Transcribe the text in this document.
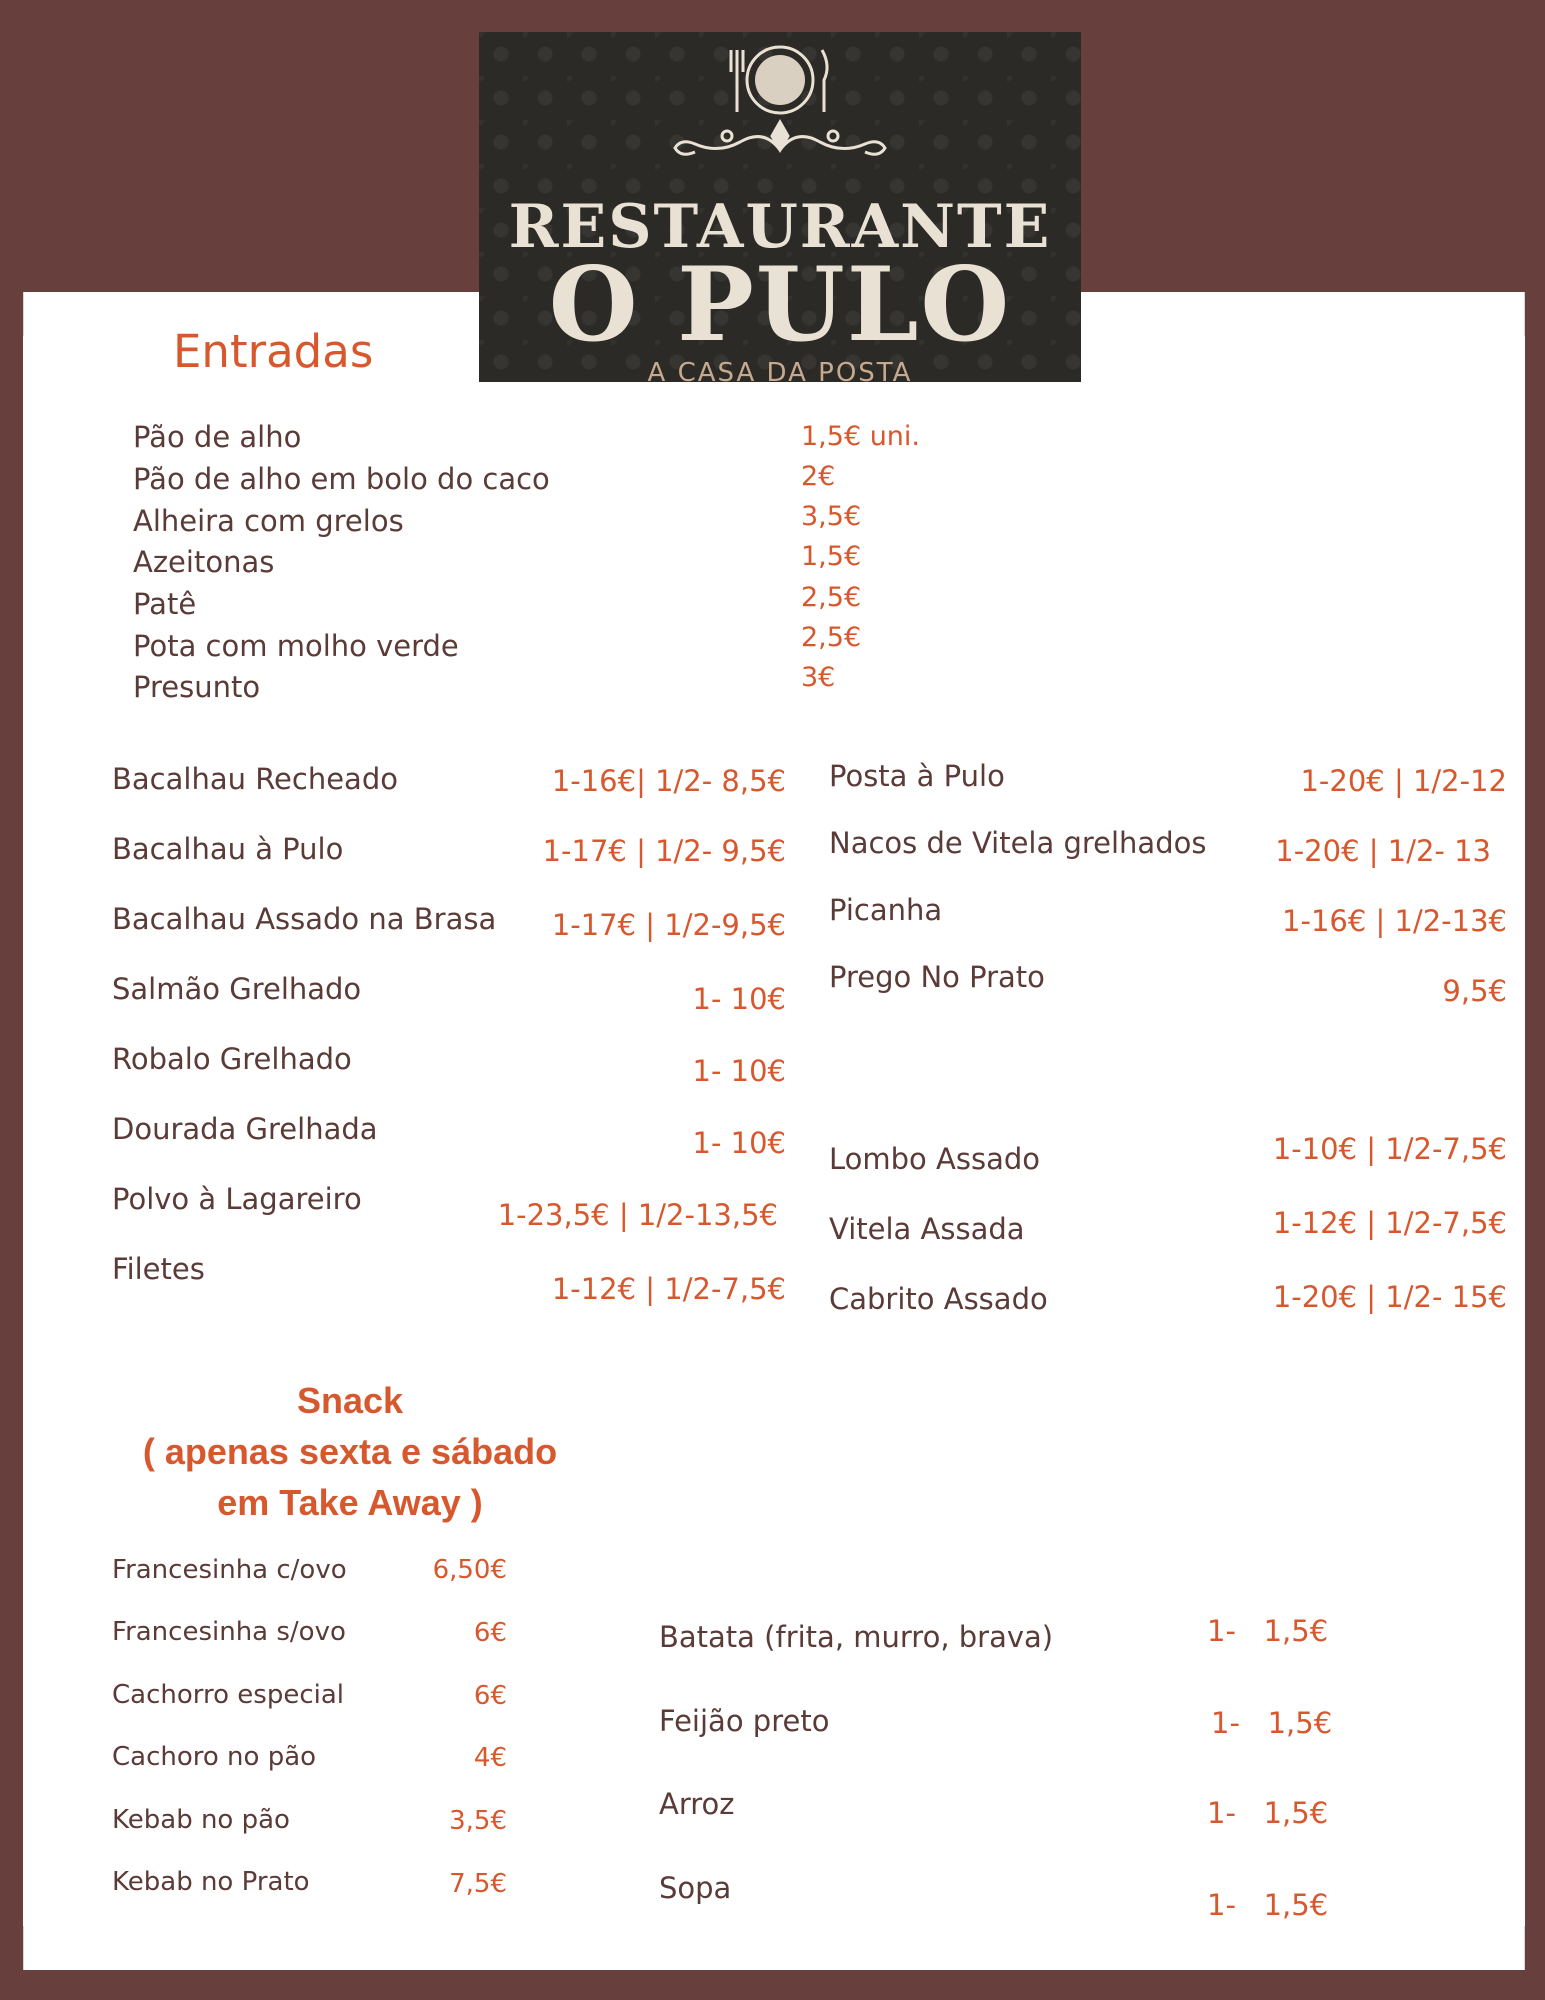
RESTAURANTE
O PULO
A CASA DA POSTA
Entradas
Pão de alho
Pão de alho em bolo do caco
Alheira com grelos
Azeitonas
Patê
Pota com molho verde
Presunto
1,5€ uni.
2€
3,5€
1,5€
2,5€
2,5€
3€
Bacalhau Recheado
Bacalhau à Pulo
Bacalhau Assado na Brasa
Salmão Grelhado
Robalo Grelhado
Dourada Grelhada
Polvo à Lagareiro
Filetes
1-16€| 1/2- 8,5€
1-17€ | 1/2- 9,5€
1-17€ | 1/2-9,5€
1- 10€
1- 10€
1- 10€
1-23,5€ | 1/2-13,5€
1-12€ | 1/2-7,5€
Posta à Pulo
Nacos de Vitela grelhados
Picanha
Prego No Prato
1-20€ | 1/2-12
1-20€ | 1/2- 13
1-16€ | 1/2-13€
9,5€
Lombo Assado
Vitela Assada
Cabrito Assado
1-10€ | 1/2-7,5€
1-12€ | 1/2-7,5€
1-20€ | 1/2- 15€
Snack
( apenas sexta e sábado
em Take Away )
Francesinha c/ovo
Francesinha s/ovo
Cachorro especial
Cachoro no pão
Kebab no pão
Kebab no Prato
6,50€
6€
6€
4€
3,5€
7,5€
Batata (frita, murro, brava)
Feijão preto
Arroz
Sopa
1-   1,5€
1-   1,5€
1-   1,5€
1-   1,5€
